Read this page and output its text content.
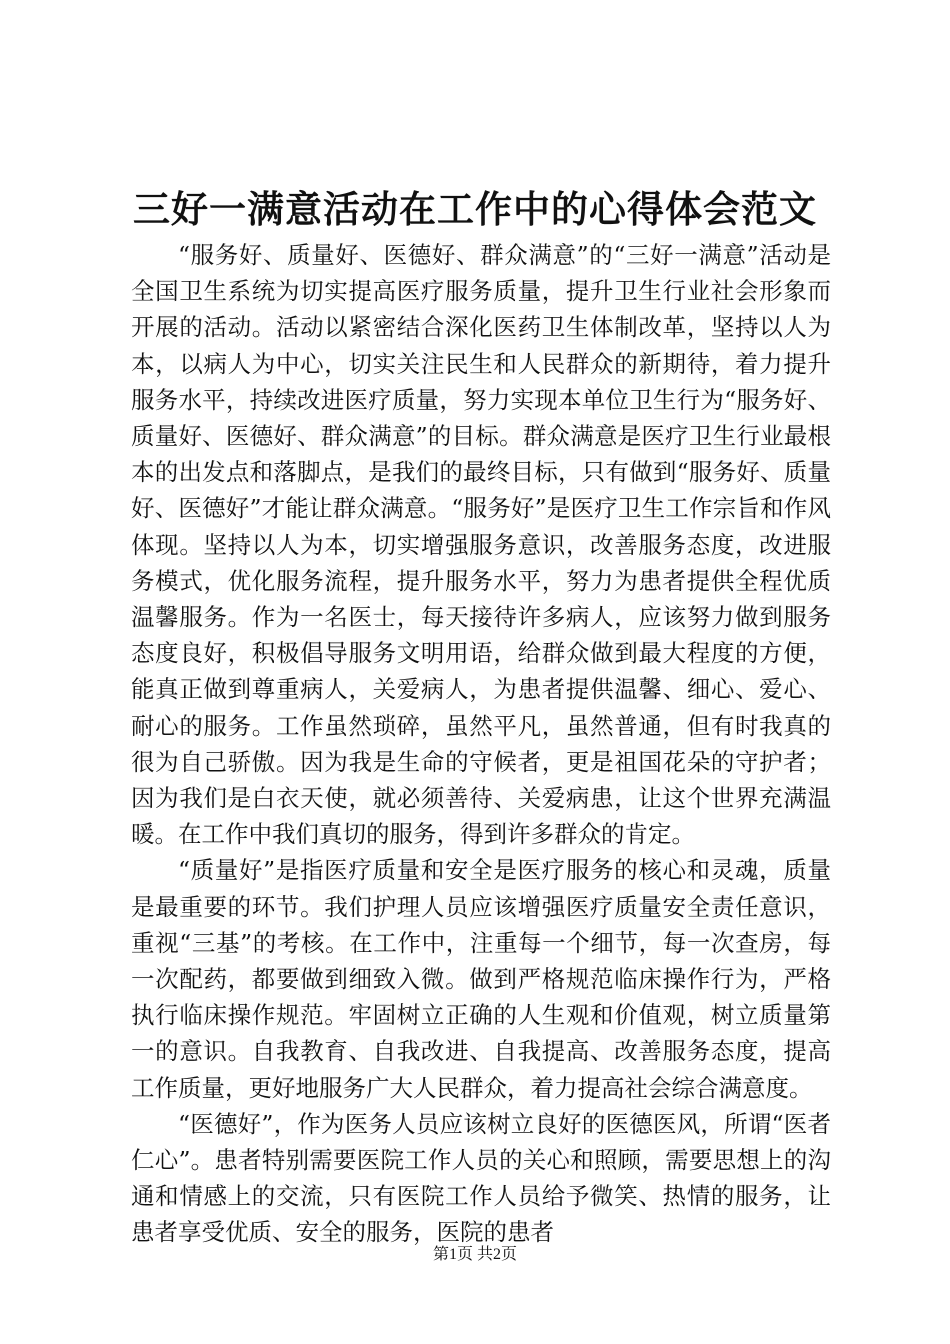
三好一满意活动在工作中的心得体会范文

“服务好、质量好、医德好、群众满意”的“三好一满意”活动是全国卫生系统为切实提高医疗服务质量，提升卫生行业社会形象而开展的活动。活动以紧密结合深化医药卫生体制改革，坚持以人为本，以病人为中心，切实关注民生和人民群众的新期待，着力提升服务水平，持续改进医疗质量，努力实现本单位卫生行为“服务好、质量好、医德好、群众满意”的目标。群众满意是医疗卫生行业最根本的出发点和落脚点，是我们的最终目标，只有做到“服务好、质量好、医德好”才能让群众满意。“服务好”是医疗卫生工作宗旨和作风体现。坚持以人为本，切实增强服务意识，改善服务态度，改进服务模式，优化服务流程，提升服务水平，努力为患者提供全程优质温馨服务。作为一名医士，每天接待许多病人，应该努力做到服务态度良好，积极倡导服务文明用语，给群众做到最大程度的方便，能真正做到尊重病人，关爱病人，为患者提供温馨、细心、爱心、耐心的服务。工作虽然琐碎，虽然平凡，虽然普通，但有时我真的很为自己骄傲。因为我是生命的守候者，更是祖国花朵的守护者；因为我们是白衣天使，就必须善待、关爱病患，让这个世界充满温暖。在工作中我们真切的服务，得到许多群众的肯定。

“质量好”是指医疗质量和安全是医疗服务的核心和灵魂，质量是最重要的环节。我们护理人员应该增强医疗质量安全责任意识，重视“三基”的考核。在工作中，注重每一个细节，每一次查房，每一次配药，都要做到细致入微。做到严格规范临床操作行为，严格执行临床操作规范。牢固树立正确的人生观和价值观，树立质量第一的意识。自我教育、自我改进、自我提高、改善服务态度，提高工作质量，更好地服务广大人民群众，着力提高社会综合满意度。

“医德好”，作为医务人员应该树立良好的医德医风，所谓“医者仁心”。患者特别需要医院工作人员的关心和照顾，需要思想上的沟通和情感上的交流，只有医院工作人员给予微笑、热情的服务，让患者享受优质、安全的服务，医院的患者

第1页 共2页
